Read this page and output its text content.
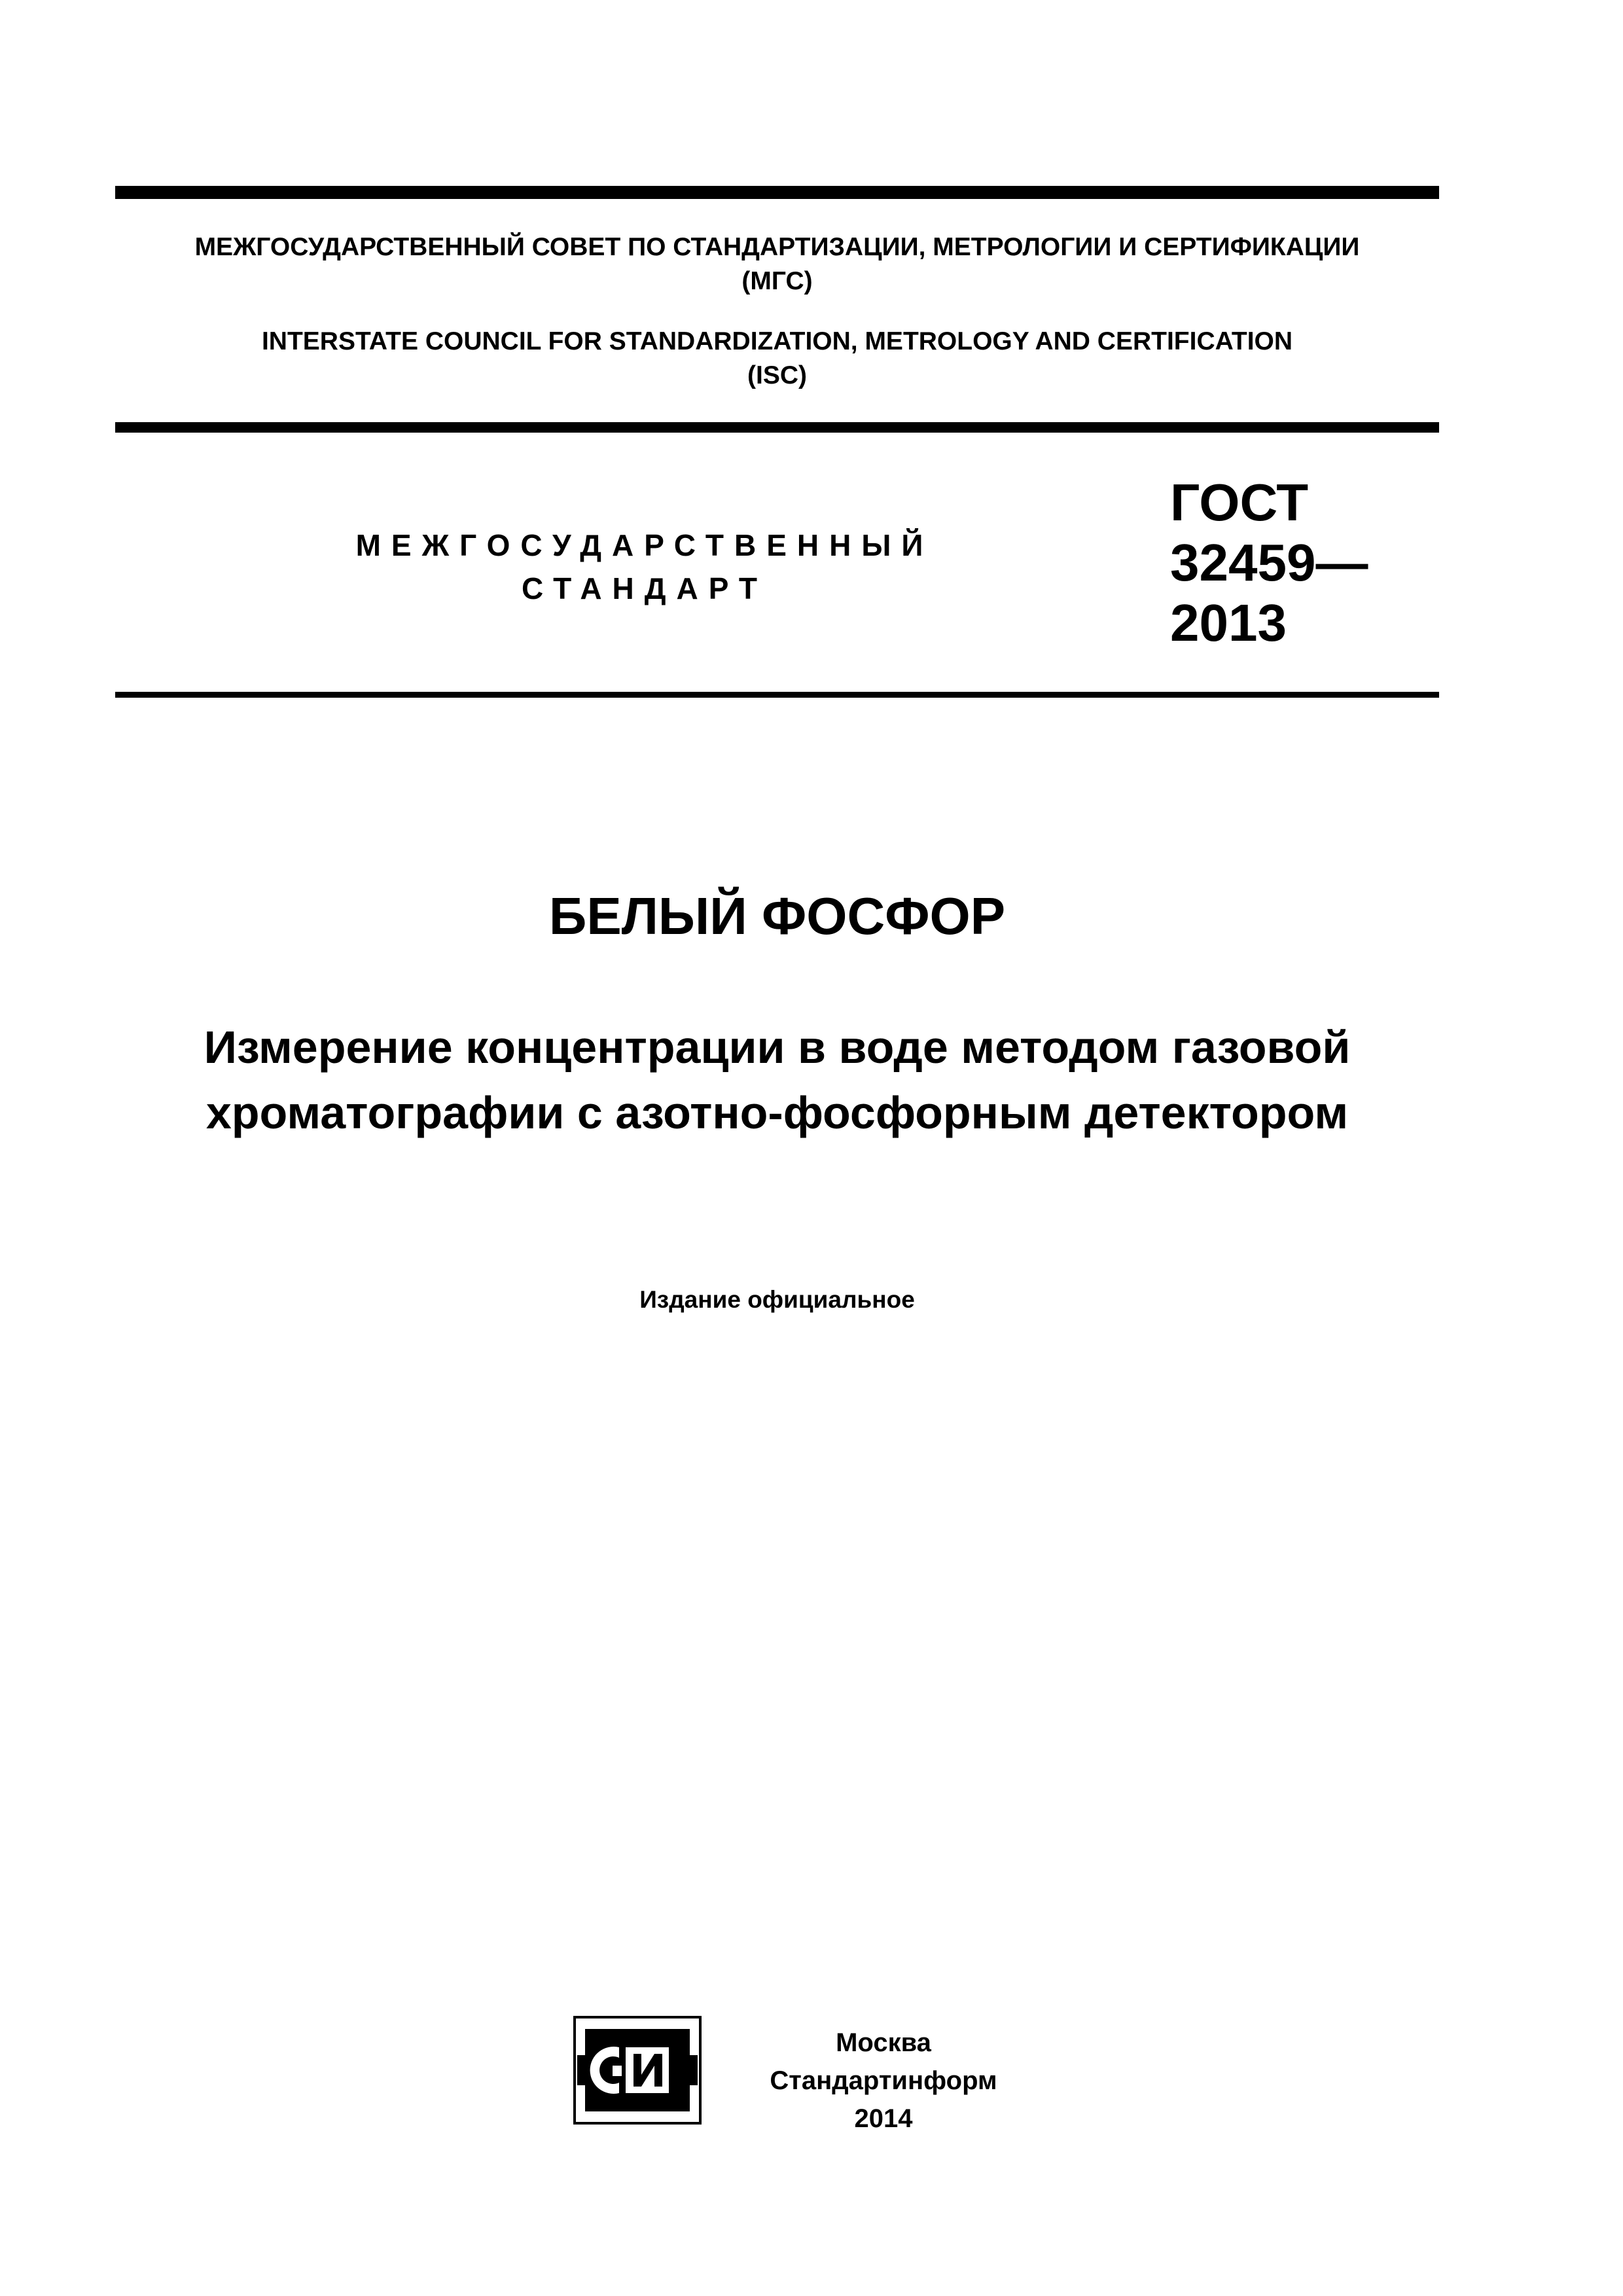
МЕЖГОСУДАРСТВЕННЫЙ СОВЕТ ПО СТАНДАРТИЗАЦИИ, МЕТРОЛОГИИ И СЕРТИФИКАЦИИ
(МГС)
INTERSTATE COUNCIL FOR STANDARDIZATION, METROLOGY AND CERTIFICATION
(ISC)
МЕЖГОСУДАРСТВЕННЫЙ
СТАНДАРТ
ГОСТ
32459—
2013
БЕЛЫЙ ФОСФОР
Измерение концентрации в воде методом газовой
хроматографии с азотно-фосфорным детектором
Издание официальное
Москва
Стандартинформ
2014
